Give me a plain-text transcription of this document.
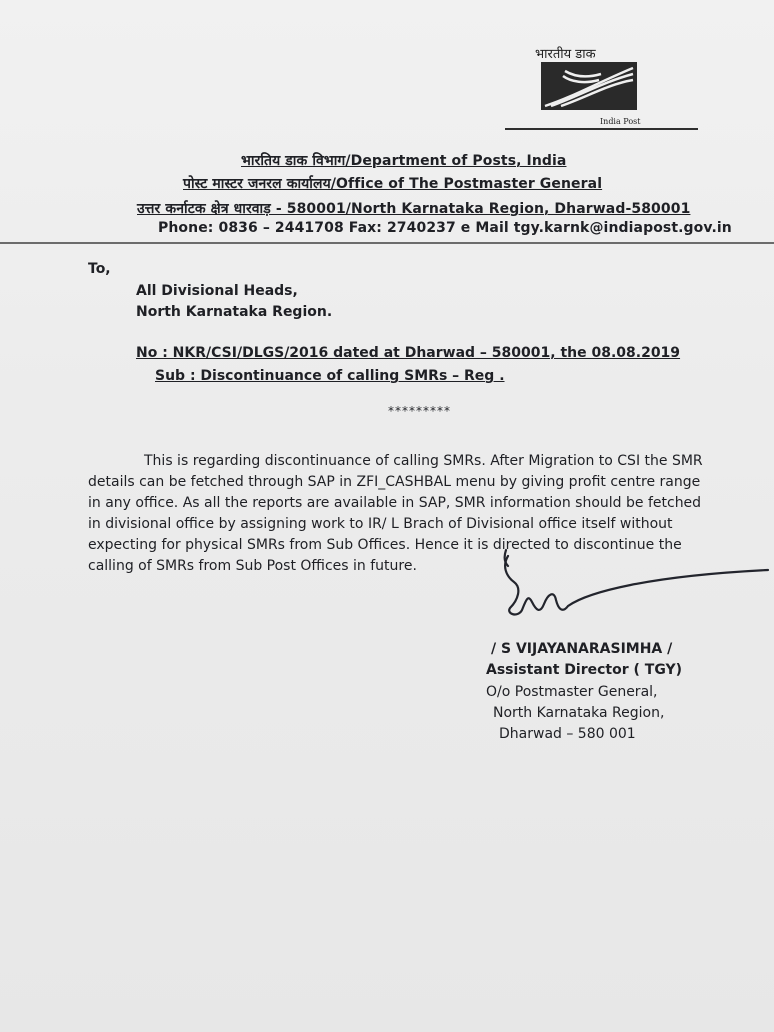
भारतीय डाक
India Post
भारतिय डाक विभाग/Department of Posts, India
पोस्ट मास्टर जनरल कार्यालय/Office of The Postmaster General
उत्तर कर्नाटक क्षेत्र धारवाड़ - 580001/North Karnataka Region, Dharwad-580001
Phone: 0836 – 2441708 Fax: 2740237 e Mail tgy.karnk@indiapost.gov.in
To,
All Divisional Heads,
North Karnataka Region.
No : NKR/CSI/DLGS/2016 dated at Dharwad – 580001, the 08.08.2019
Sub : Discontinuance of calling SMRs – Reg .
*********
This is regarding discontinuance of calling SMRs. After Migration to CSI the SMR
details can be fetched through SAP in ZFI_CASHBAL menu by giving profit centre range
in any office. As all the reports are available in SAP, SMR information should be fetched
in divisional office by assigning work to IR/ L Brach of Divisional office itself without
expecting for physical SMRs from Sub Offices. Hence it is directed to discontinue the
calling of SMRs from Sub Post Offices in future.
/ S VIJAYANARASIMHA /
Assistant Director ( TGY)
O/o Postmaster General,
North Karnataka Region,
Dharwad – 580 001
